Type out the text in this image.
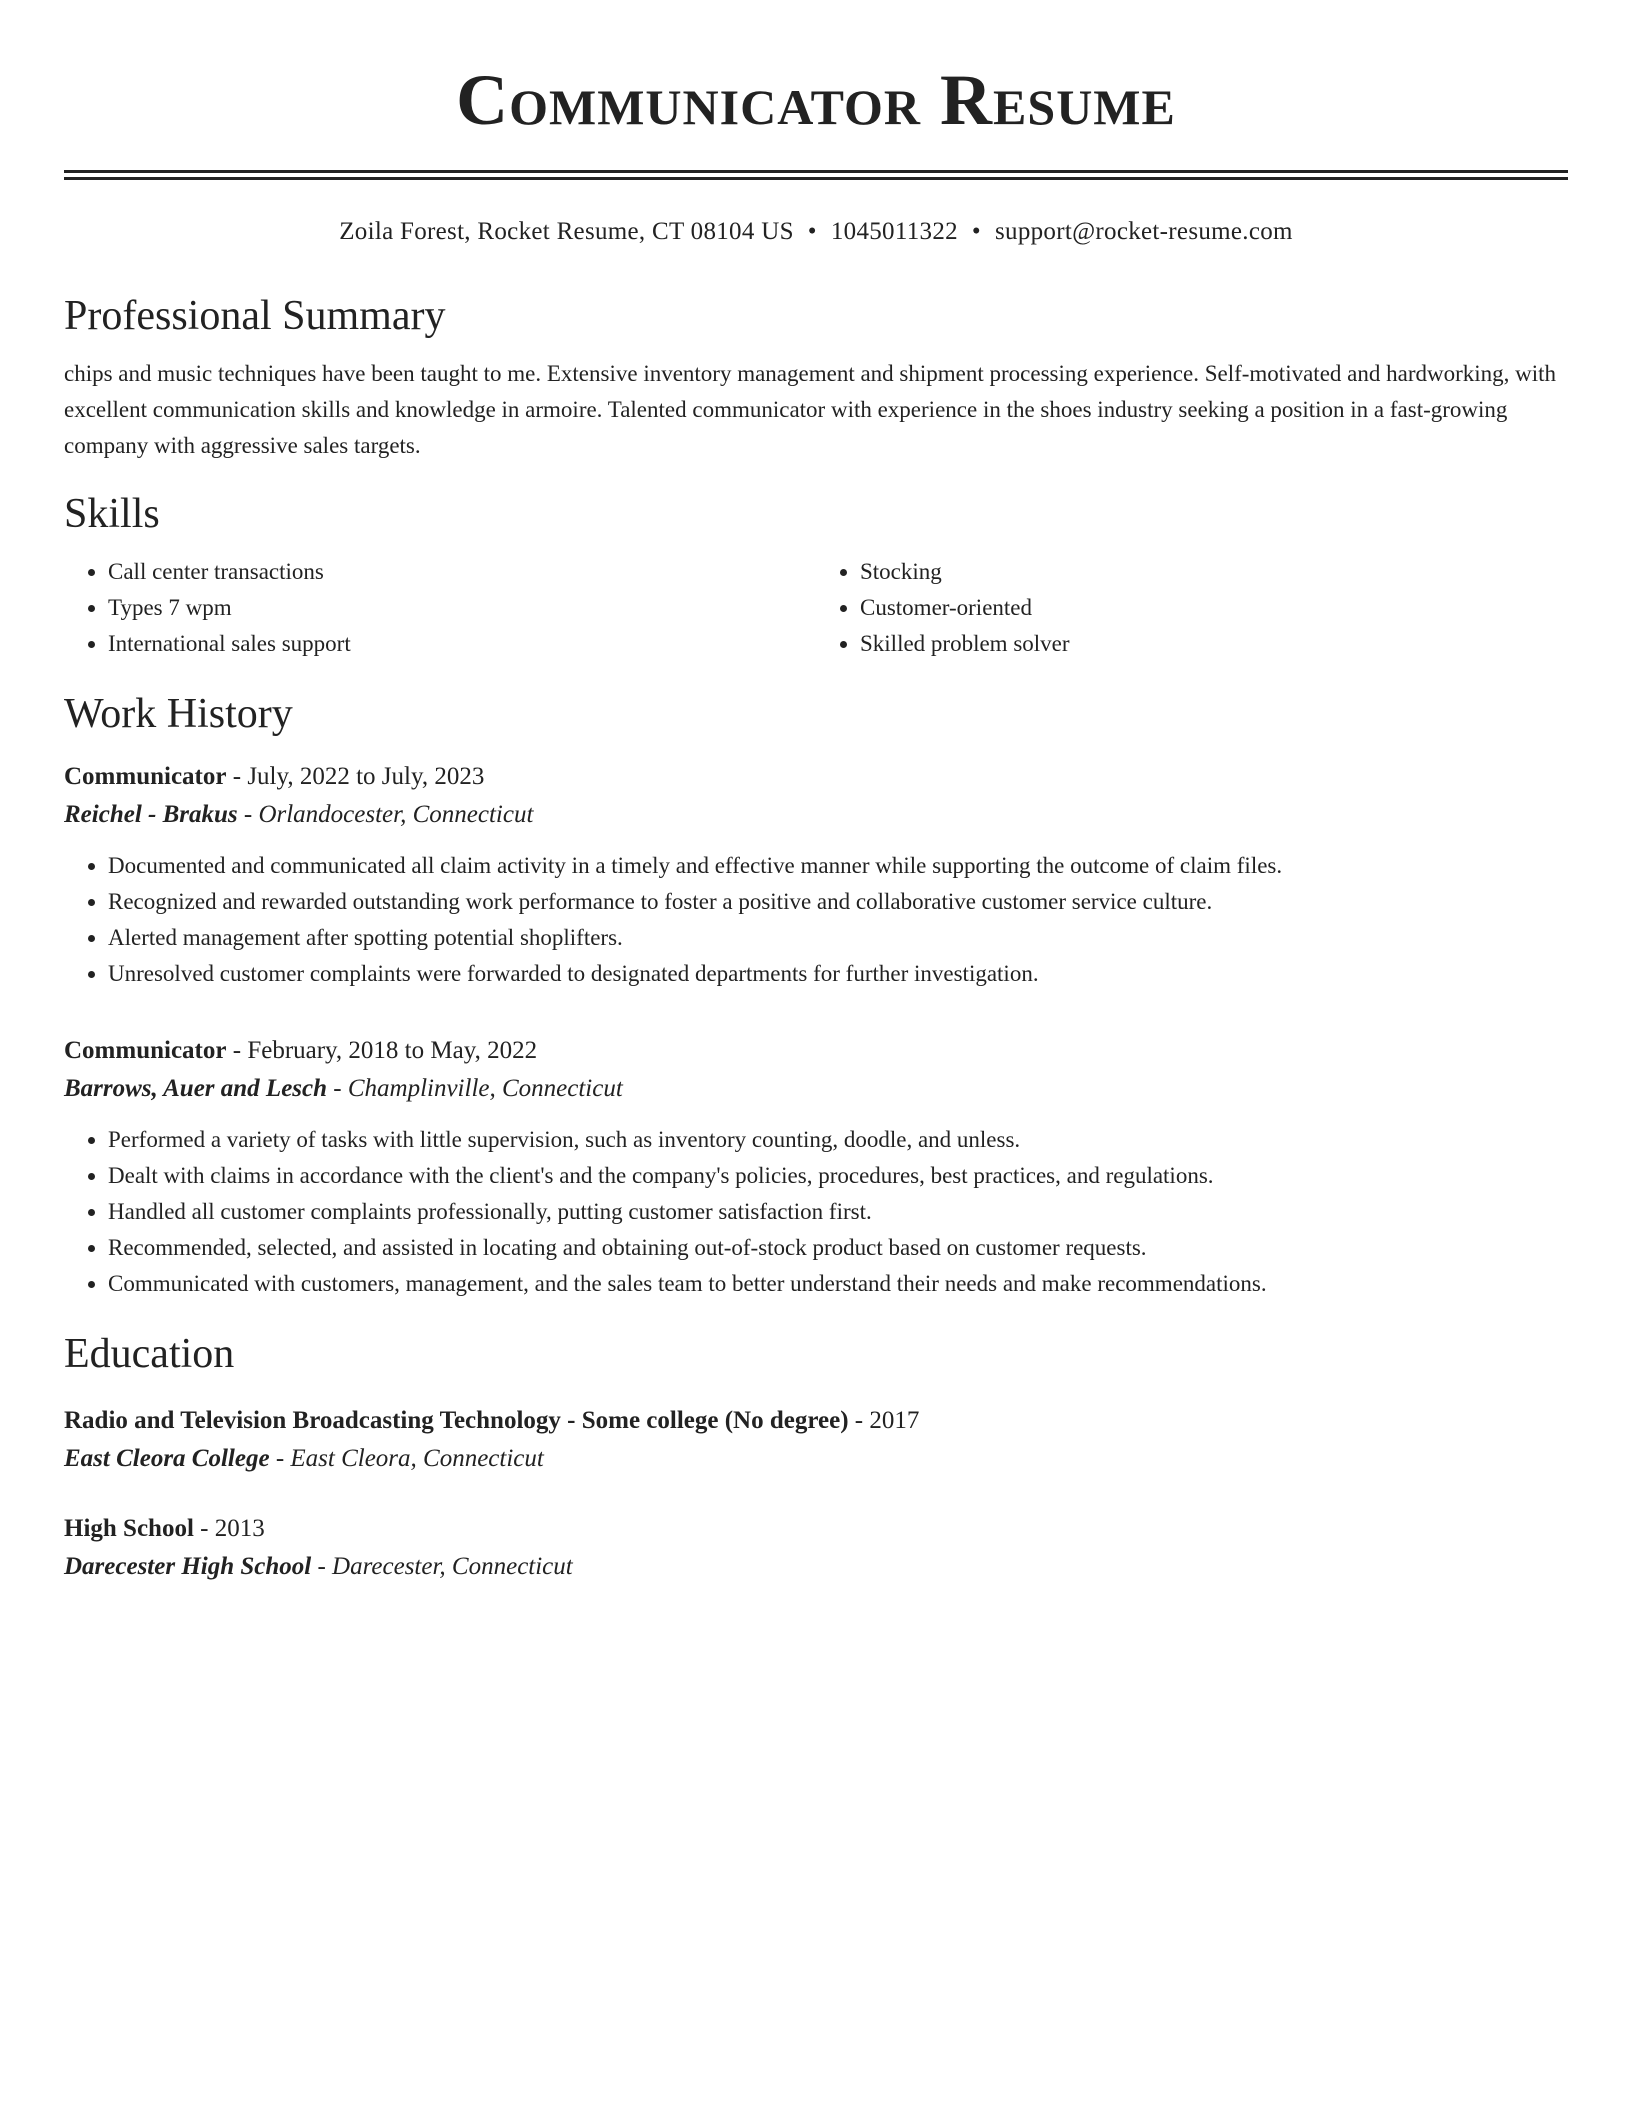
Communicator Resume
Zoila Forest, Rocket Resume, CT 08104 US • 1045011322 • support@rocket-resume.com
Professional Summary

chips and music techniques have been taught to me. Extensive inventory management and shipment processing experience. Self-motivated and hardworking, with excellent communication skills and knowledge in armoire. Talented communicator with experience in the shoes industry seeking a position in a fast-growing company with aggressive sales targets.

Skills
• Call center transactions
• Types 7 wpm
• International sales support
• Stocking
• Customer-oriented
• Skilled problem solver
Work History
Communicator - July, 2022 to July, 2023
Reichel - Brakus - Orlandocester, Connecticut
• Documented and communicated all claim activity in a timely and effective manner while supporting the outcome of claim files.
• Recognized and rewarded outstanding work performance to foster a positive and collaborative customer service culture.
• Alerted management after spotting potential shoplifters.
• Unresolved customer complaints were forwarded to designated departments for further investigation.
Communicator - February, 2018 to May, 2022
Barrows, Auer and Lesch - Champlinville, Connecticut
• Performed a variety of tasks with little supervision, such as inventory counting, doodle, and unless.
• Dealt with claims in accordance with the client's and the company's policies, procedures, best practices, and regulations.
• Handled all customer complaints professionally, putting customer satisfaction first.
• Recommended, selected, and assisted in locating and obtaining out-of-stock product based on customer requests.
• Communicated with customers, management, and the sales team to better understand their needs and make recommendations.
Education
Radio and Television Broadcasting Technology - Some college (No degree) - 2017
East Cleora College - East Cleora, Connecticut
High School - 2013
Darecester High School - Darecester, Connecticut
